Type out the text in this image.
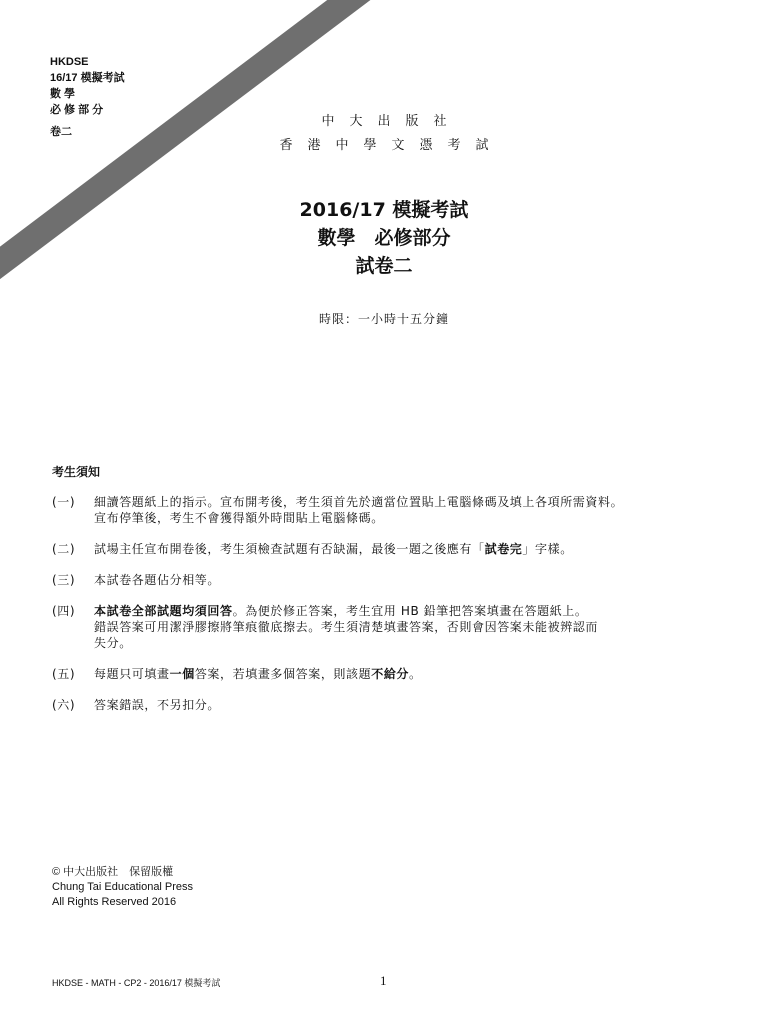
MC
HKDSE
16/17 模擬考試
數 學
必 修 部 分
卷二
中大出版社
香港中學文憑考試
2016/17 模擬考試
數學　必修部分
試卷二
時限：一小時十五分鐘
考生須知
(一) 細讀答題紙上的指示。宣布開考後，考生須首先於適當位置貼上電腦條碼及填上各項所需資料。
宣布停筆後，考生不會獲得額外時間貼上電腦條碼。
(二) 試場主任宣布開卷後，考生須檢查試題有否缺漏，最後一題之後應有「試卷完」字樣。
(三) 本試卷各題佔分相等。
(四) 本試卷全部試題均須回答。為便於修正答案，考生宜用 HB 鉛筆把答案填畫在答題紙上。
錯誤答案可用潔淨膠擦將筆痕徹底擦去。考生須清楚填畫答案，否則會因答案未能被辨認而
失分。
(五) 每題只可填畫一個答案，若填畫多個答案，則該題不給分。
(六) 答案錯誤，不另扣分。
© 中大出版社　保留版權
Chung Tai Educational Press
All Rights Reserved 2016
HKDSE - MATH - CP2 - 2016/17 模擬考試	1
